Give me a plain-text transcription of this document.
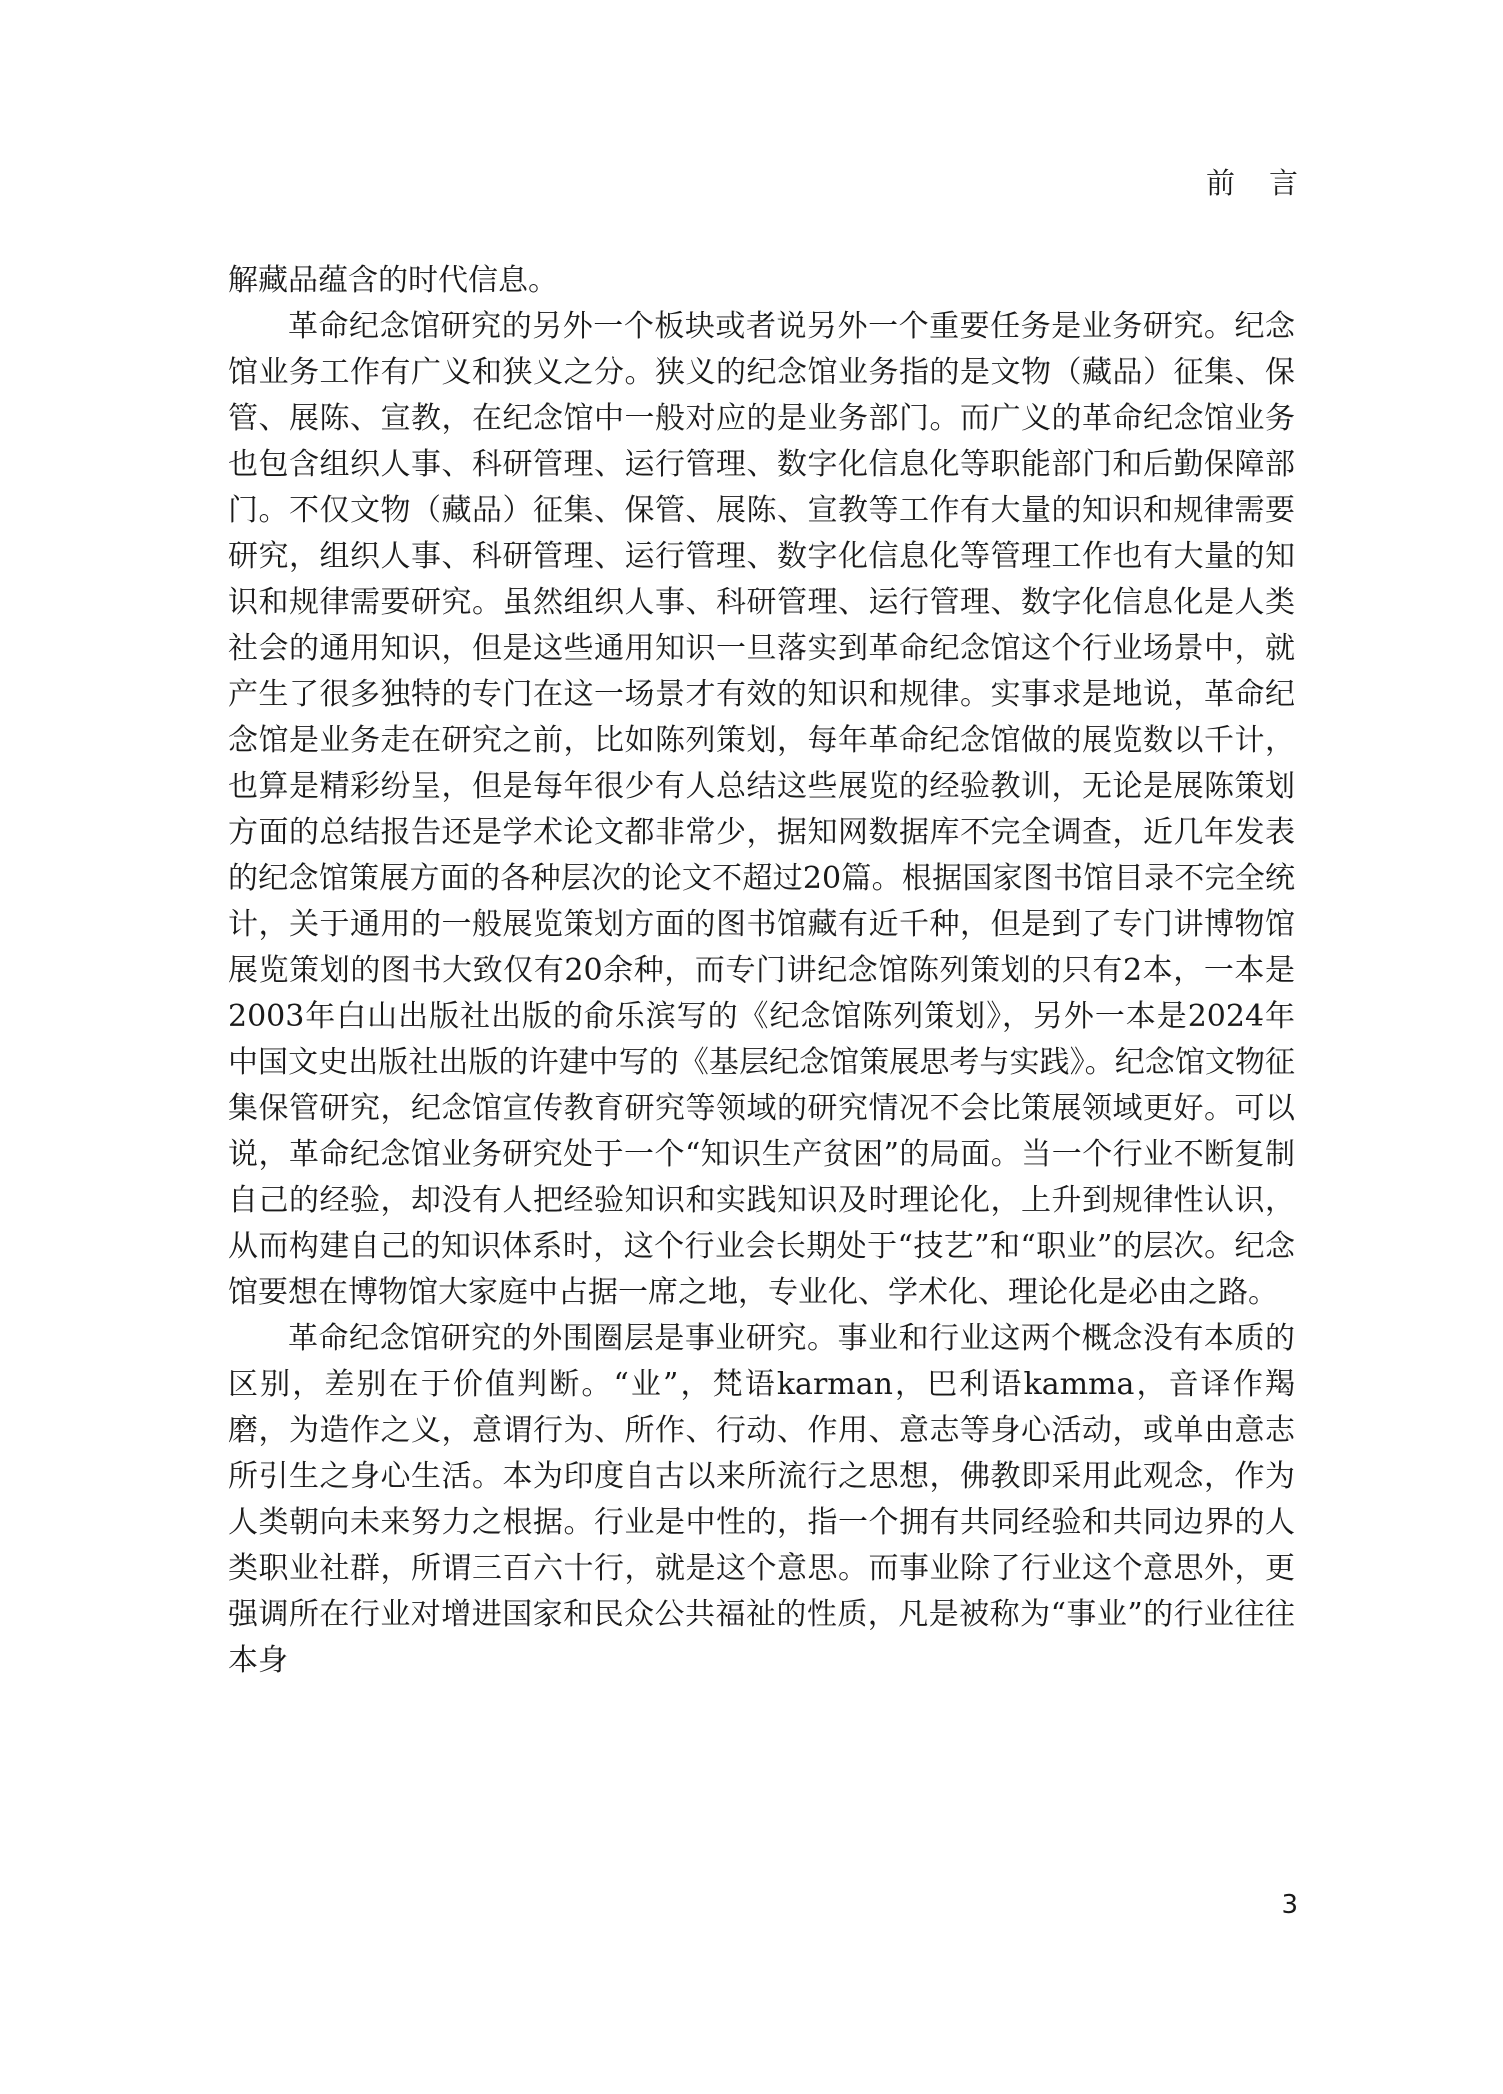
前言

解藏品蕴含的时代信息。

革命纪念馆研究的另外一个板块或者说另外一个重要任务是业务研究。纪念馆业务工作有广义和狭义之分。狭义的纪念馆业务指的是文物（藏品）征集、保管、展陈、宣教，在纪念馆中一般对应的是业务部门。而广义的革命纪念馆业务也包含组织人事、科研管理、运行管理、数字化信息化等职能部门和后勤保障部门。不仅文物（藏品）征集、保管、展陈、宣教等工作有大量的知识和规律需要研究，组织人事、科研管理、运行管理、数字化信息化等管理工作也有大量的知识和规律需要研究。虽然组织人事、科研管理、运行管理、数字化信息化是人类社会的通用知识，但是这些通用知识一旦落实到革命纪念馆这个行业场景中，就产生了很多独特的专门在这一场景才有效的知识和规律。实事求是地说，革命纪念馆是业务走在研究之前，比如陈列策划，每年革命纪念馆做的展览数以千计，也算是精彩纷呈，但是每年很少有人总结这些展览的经验教训，无论是展陈策划方面的总结报告还是学术论文都非常少，据知网数据库不完全调查，近几年发表的纪念馆策展方面的各种层次的论文不超过20篇。根据国家图书馆目录不完全统计，关于通用的一般展览策划方面的图书馆藏有近千种，但是到了专门讲博物馆展览策划的图书大致仅有20余种，而专门讲纪念馆陈列策划的只有2本，一本是2003年白山出版社出版的俞乐滨写的《纪念馆陈列策划》，另外一本是2024年中国文史出版社出版的许建中写的《基层纪念馆策展思考与实践》。纪念馆文物征集保管研究，纪念馆宣传教育研究等领域的研究情况不会比策展领域更好。可以说，革命纪念馆业务研究处于一个“知识生产贫困”的局面。当一个行业不断复制自己的经验，却没有人把经验知识和实践知识及时理论化，上升到规律性认识，从而构建自己的知识体系时，这个行业会长期处于“技艺”和“职业”的层次。纪念馆要想在博物馆大家庭中占据一席之地，专业化、学术化、理论化是必由之路。

革命纪念馆研究的外围圈层是事业研究。事业和行业这两个概念没有本质的区别，差别在于价值判断。“业”，梵语karman，巴利语kamma，音译作羯磨，为造作之义，意谓行为、所作、行动、作用、意志等身心活动，或单由意志所引生之身心生活。本为印度自古以来所流行之思想，佛教即采用此观念，作为人类朝向未来努力之根据。行业是中性的，指一个拥有共同经验和共同边界的人类职业社群，所谓三百六十行，就是这个意思。而事业除了行业这个意思外，更强调所在行业对增进国家和民众公共福祉的性质，凡是被称为“事业”的行业往往本身

3
